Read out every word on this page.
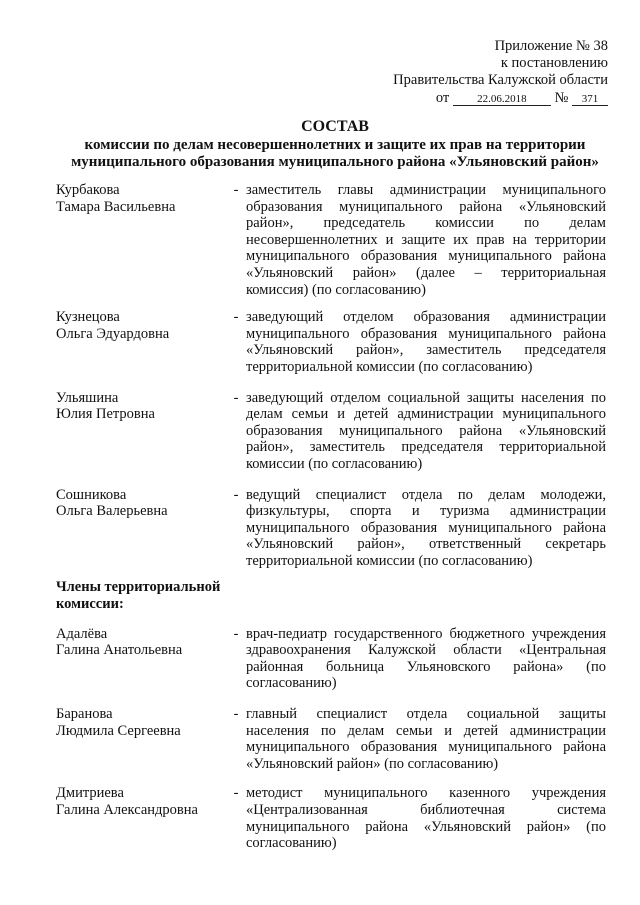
Приложение № 38
к постановлению
Правительства Калужской области
от	22.06.2018 № 371
СОСТАВ
комиссии по делам несовершеннолетних и защите их прав на территории
муниципального образования муниципального района «Ульяновский район»
Курбакова
Тамара Васильевна
- заместитель главы администрации муниципального образования муниципального района «Ульяновский район», председатель комиссии по делам несовершеннолетних и защите их прав на территории муниципального образования муниципального района «Ульяновский район» (далее – территориальная комиссия) (по согласованию)
Кузнецова
Ольга Эдуардовна
- заведующий отделом образования администрации муниципального образования муниципального района «Ульяновский район», заместитель председателя территориальной комиссии (по согласованию)
Ульяшина
Юлия Петровна
- заведующий отделом социальной защиты населения по делам семьи и детей администрации муниципального образования муниципального района «Ульяновский район», заместитель председателя территориальной комиссии (по согласованию)
Сошникова
Ольга Валерьевна
- ведущий специалист отдела по делам молодежи, физкультуры, спорта и туризма администрации муниципального образования муниципального района «Ульяновский район», ответственный секретарь территориальной комиссии (по согласованию)
Члены территориальной комиссии:
Адалёва
Галина Анатольевна
- врач-педиатр государственного бюджетного учреждения здравоохранения Калужской области «Центральная районная больница Ульяновского района» (по согласованию)
Баранова
Людмила Сергеевна
- главный специалист отдела социальной защиты населения по делам семьи и детей администрации муниципального образования муниципального района «Ульяновский район» (по согласованию)
Дмитриева
Галина Александровна
- методист муниципального казенного учреждения «Централизованная библиотечная система муниципального района «Ульяновский район» (по согласованию)
